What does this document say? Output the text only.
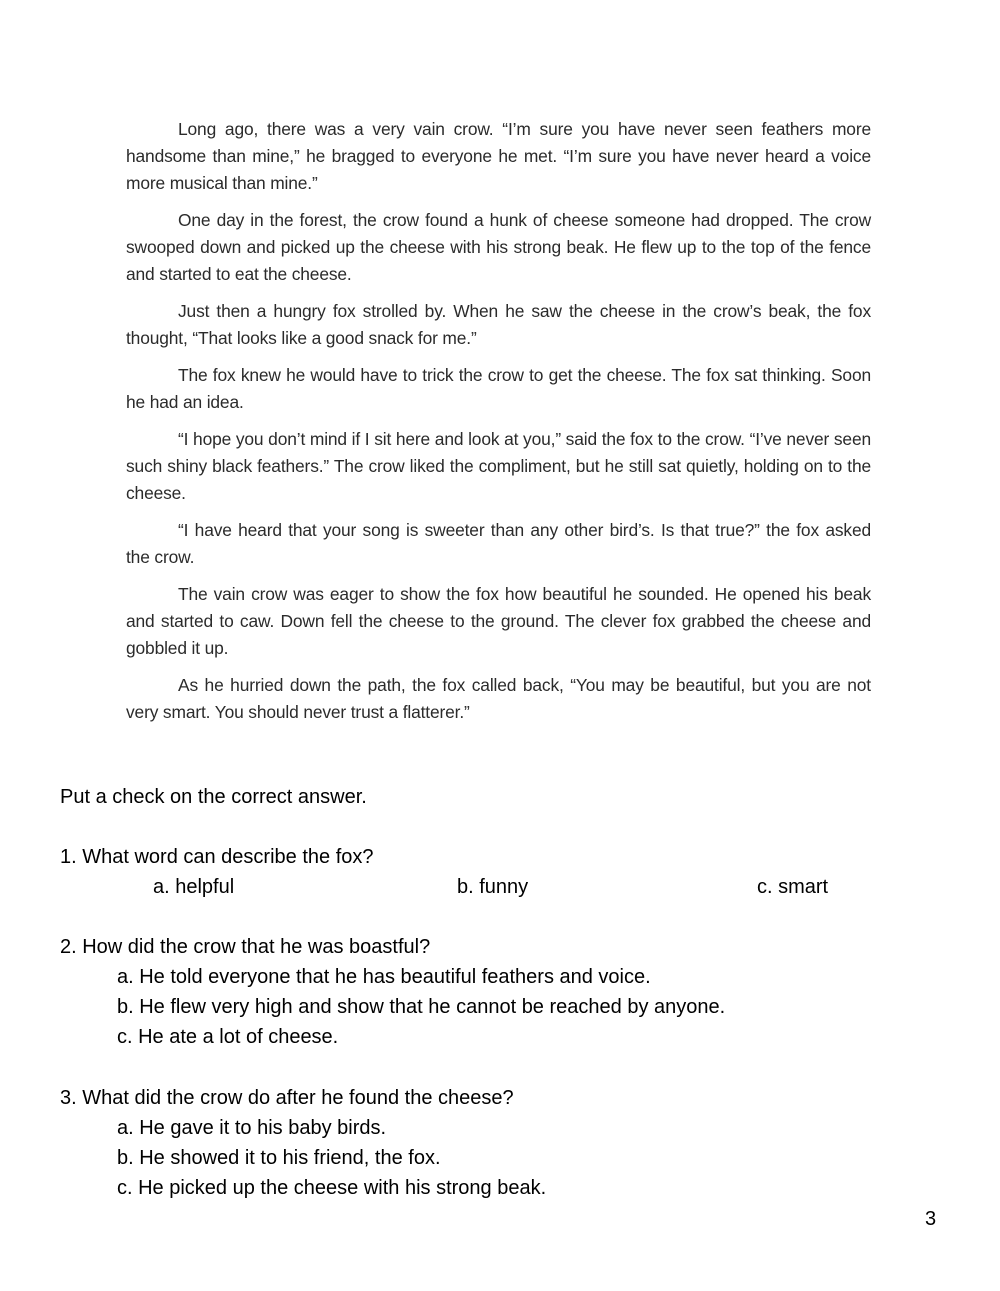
Long ago, there was a very vain crow. “I’m sure you have never seen feathers more handsome than mine,” he bragged to everyone he met. “I’m sure you have never heard a voice more musical than mine.”

One day in the forest, the crow found a hunk of cheese someone had dropped. The crow swooped down and picked up the cheese with his strong beak. He flew up to the top of the fence and started to eat the cheese.

Just then a hungry fox strolled by. When he saw the cheese in the crow’s beak, the fox thought, “That looks like a good snack for me.”

The fox knew he would have to trick the crow to get the cheese. The fox sat thinking. Soon he had an idea.

“I hope you don’t mind if I sit here and look at you,” said the fox to the crow. “I’ve never seen such shiny black feathers.” The crow liked the compliment, but he still sat quietly, holding on to the cheese.

“I have heard that your song is sweeter than any other bird’s. Is that true?” the fox asked the crow.

The vain crow was eager to show the fox how beautiful he sounded. He opened his beak and started to caw. Down fell the cheese to the ground. The clever fox grabbed the cheese and gobbled it up.

As he hurried down the path, the fox called back, “You may be beautiful, but you are not very smart. You should never trust a flatterer.”

Put a check on the correct answer.
1. What word can describe the fox?
a. helpful	b. funny	c. smart
2. How did the crow that he was boastful?
a. He told everyone that he has beautiful feathers and voice.
b. He flew very high and show that he cannot be reached by anyone.
c. He ate a lot of cheese.
3. What did the crow do after he found the cheese?
a. He gave it to his baby birds.
b. He showed it to his friend, the fox.
c. He picked up the cheese with his strong beak.
3
